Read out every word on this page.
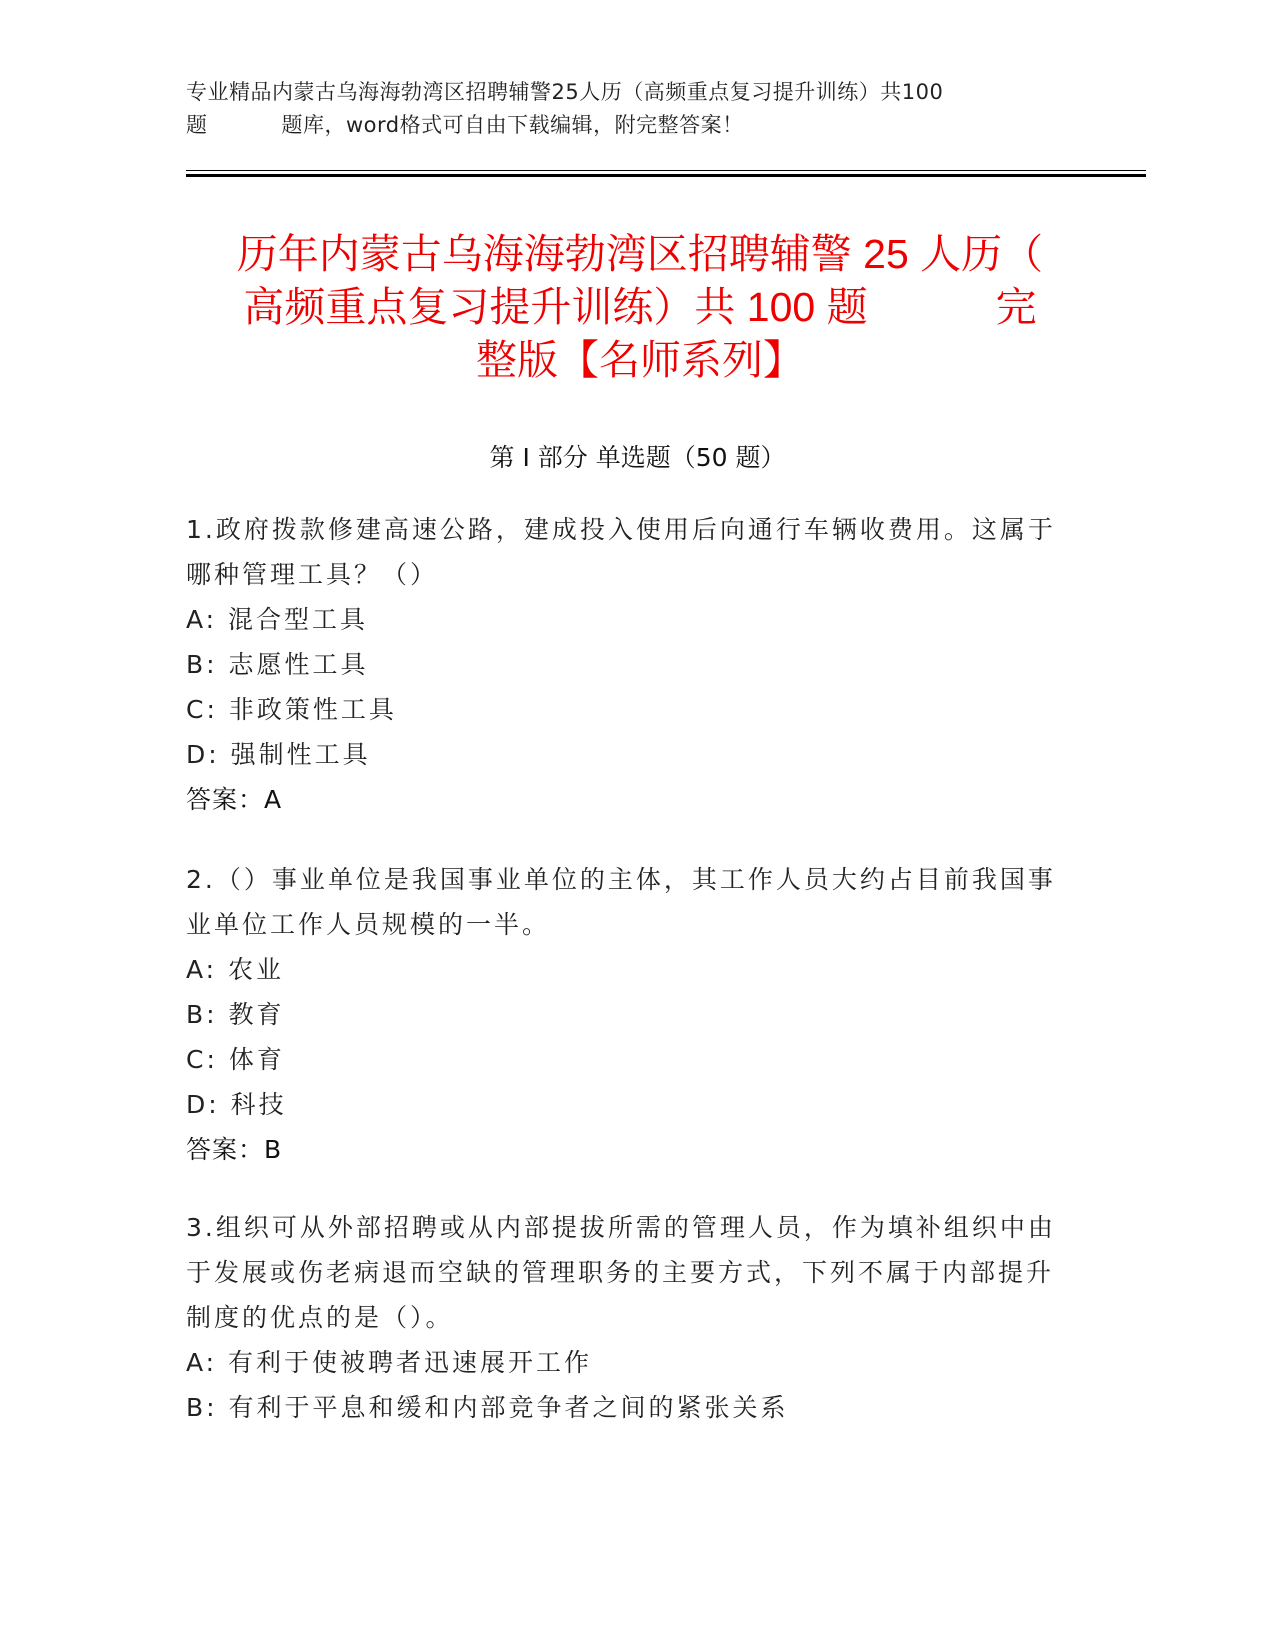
专业精品内蒙古乌海海勃湾区招聘辅警25人历（高频重点复习提升训练）共100
题	题库，word格式可自由下载编辑，附完整答案！
历年内蒙古乌海海勃湾区招聘辅警 25 人历（
高频重点复习提升训练）共 100 题	完
整版【名师系列】
第 I 部分 单选题（50 题）

1.政府拨款修建高速公路，建成投入使用后向通行车辆收费用。这属于哪种管理工具？（）

A: 混合型工具

B: 志愿性工具

C: 非政策性工具

D: 强制性工具

答案：A

2.（）事业单位是我国事业单位的主体，其工作人员大约占目前我国事业单位工作人员规模的一半。

A: 农业

B: 教育

C: 体育

D: 科技

答案：B

3.组织可从外部招聘或从内部提拔所需的管理人员，作为填补组织中由于发展或伤老病退而空缺的管理职务的主要方式，下列不属于内部提升制度的优点的是（）。

A: 有利于使被聘者迅速展开工作

B: 有利于平息和缓和内部竞争者之间的紧张关系
